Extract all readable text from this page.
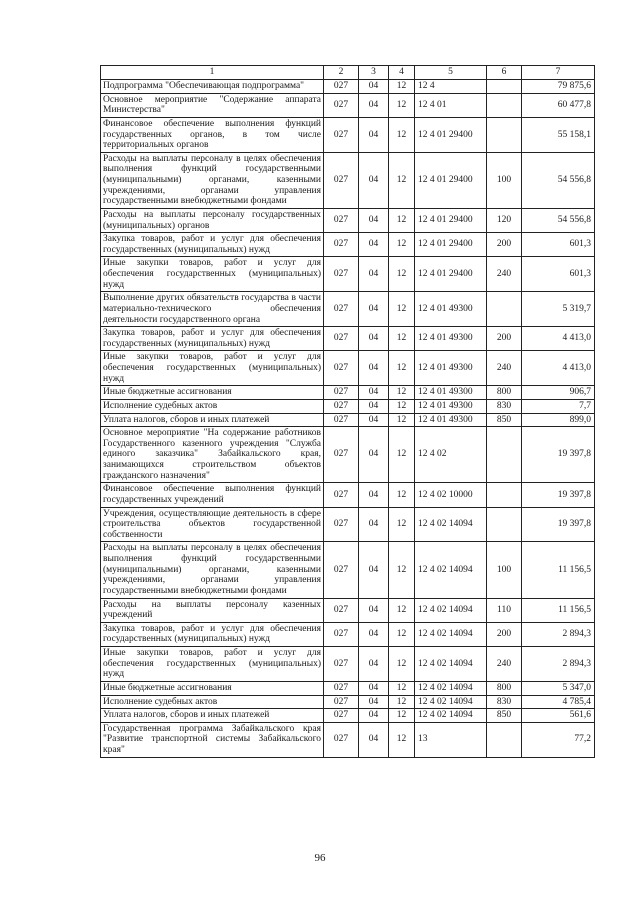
1	2	3	4	5	6	7
Подпрограмма "Обеспечивающая подпрограмма"	027	04	12	12 4		79 875,6
Основное мероприятие "Содержание аппарата Министерства"	027	04	12	12 4 01		60 477,8
Финансовое обеспечение выполнения функций государственных органов, в том числе территориальных органов	027	04	12	12 4 01 29400		55 158,1
Расходы на выплаты персоналу в целях обеспечения выполнения функций государственными (муниципальными) органами, казенными учреждениями, органами управления государственными внебюджетными фондами	027	04	12	12 4 01 29400	100	54 556,8
Расходы на выплаты персоналу государственных (муниципальных) органов	027	04	12	12 4 01 29400	120	54 556,8
Закупка товаров, работ и услуг для обеспечения государственных (муниципальных) нужд	027	04	12	12 4 01 29400	200	601,3
Иные закупки товаров, работ и услуг для обеспечения государственных (муниципальных) нужд	027	04	12	12 4 01 29400	240	601,3
Выполнение других обязательств государства в части материально-технического обеспечения деятельности государственного органа	027	04	12	12 4 01 49300		5 319,7
Закупка товаров, работ и услуг для обеспечения государственных (муниципальных) нужд	027	04	12	12 4 01 49300	200	4 413,0
Иные закупки товаров, работ и услуг для обеспечения государственных (муниципальных) нужд	027	04	12	12 4 01 49300	240	4 413,0
Иные бюджетные ассигнования	027	04	12	12 4 01 49300	800	906,7
Исполнение судебных актов	027	04	12	12 4 01 49300	830	7,7
Уплата налогов, сборов и иных платежей	027	04	12	12 4 01 49300	850	899,0
Основное мероприятие "На содержание работников Государственного казенного учреждения "Служба единого заказчика" Забайкальского края, занимающихся строительством объектов гражданского назначения"	027	04	12	12 4 02		19 397,8
Финансовое обеспечение выполнения функций государственных учреждений	027	04	12	12 4 02 10000		19 397,8
Учреждения, осуществляющие деятельность в сфере строительства объектов государственной собственности	027	04	12	12 4 02 14094		19 397,8
Расходы на выплаты персоналу в целях обеспечения выполнения функций государственными (муниципальными) органами, казенными учреждениями, органами управления государственными внебюджетными фондами	027	04	12	12 4 02 14094	100	11 156,5
Расходы на выплаты персоналу казенных учреждений	027	04	12	12 4 02 14094	110	11 156,5
Закупка товаров, работ и услуг для обеспечения государственных (муниципальных) нужд	027	04	12	12 4 02 14094	200	2 894,3
Иные закупки товаров, работ и услуг для обеспечения государственных (муниципальных) нужд	027	04	12	12 4 02 14094	240	2 894,3
Иные бюджетные ассигнования	027	04	12	12 4 02 14094	800	5 347,0
Исполнение судебных актов	027	04	12	12 4 02 14094	830	4 785,4
Уплата налогов, сборов и иных платежей	027	04	12	12 4 02 14094	850	561,6
Государственная программа Забайкальского края "Развитие транспортной системы Забайкальского края"	027	04	12	13		77,2
96
